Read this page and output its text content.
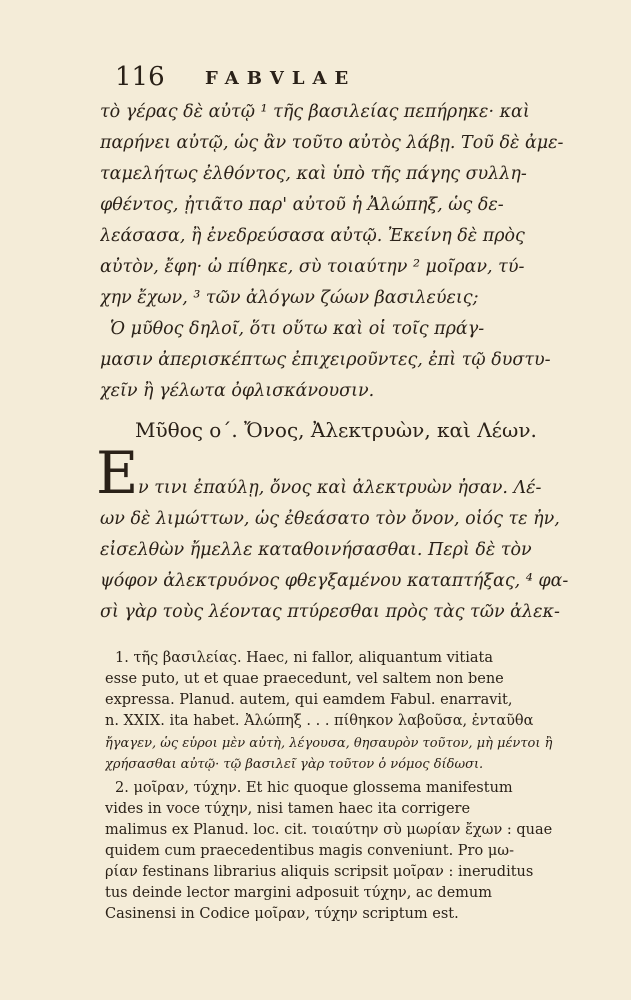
116 FABVLAE
τὸ γέρας δὲ αὐτῷ ¹ τῆς βασιλείας πεπήρηκε· καὶ
παρήνει αὐτῷ, ὡς ἂν τοῦτο αὐτὸς λάβῃ. Τοῦ δὲ ἀμε-
ταμελήτως ἐλθόντος, καὶ ὑπὸ τῆς πάγης συλλη-
φθέντος, ᾐτιᾶτο παρ' αὐτοῦ ἡ Ἀλώπηξ, ὡς δε-
λεάσασα, ἢ ἐνεδρεύσασα αὐτῷ. Ἐκείνη δὲ πρὸς
αὐτὸν, ἔφη· ὦ πίθηκε, σὺ τοιαύτην ² μοῖραν, τύ-
χην ἔχων, ³ τῶν ἀλόγων ζώων βασιλεύεις;
Ὁ μῦθος δηλοῖ, ὅτι οὕτω καὶ οἱ τοῖς πράγ-
μασιν ἀπερισκέπτως ἐπιχειροῦντες, ἐπὶ τῷ δυστυ-
χεῖν ἢ γέλωτα ὀφλισκάνουσιν.
Μῦθος ο΄. Ὄνος, Ἀλεκτρυὼν, καὶ Λέων.
E ν τινι ἐπαύλῃ, ὄνος καὶ ἀλεκτρυὼν ἦσαν. Λέ-
ων δὲ λιμώττων, ὡς ἐθεάσατο τὸν ὄνον, οἷός τε ἦν,
εἰσελθὼν ἤμελλε καταθοινήσασθαι. Περὶ δὲ τὸν
ψόφον ἀλεκτρυόνος φθεγξαμένου καταπτήξας, ⁴ φα-
σὶ γὰρ τοὺς λέοντας πτύρεσθαι πρὸς τὰς τῶν ἀλεκ-
1. τῆς βασιλείας. Haec, ni fallor, aliquantum vitiata
esse puto, ut et quae praecedunt, vel saltem non bene
expressa. Planud. autem, qui eamdem Fabul. enarravit,
n. XXIX. ita habet. Ἀλώπηξ . . . πίθηκον λαβοῦσα, ἐνταῦθα
ἤγαγεν, ὡς εὗροι μὲν αὐτὴ, λέγουσα, θησαυρὸν τοῦτον, μὴ μέντοι ἢ
χρήσασθαι αὐτῷ· τῷ βασιλεῖ γὰρ τοῦτον ὁ νόμος δίδωσι.
2. μοῖραν, τύχην. Et hic quoque glossema manifestum
vides in voce τύχην, nisi tamen haec ita corrigere
malimus ex Planud. loc. cit. τοιαύτην σὺ μωρίαν ἔχων : quae
quidem cum praecedentibus magis conveniunt. Pro μω-
ρίαν festinans librarius aliquis scripsit μοῖραν : ineruditus
tus deinde lector margini adposuit τύχην, ac demum
Casinensi in Codice μοῖραν, τύχην scriptum est.
